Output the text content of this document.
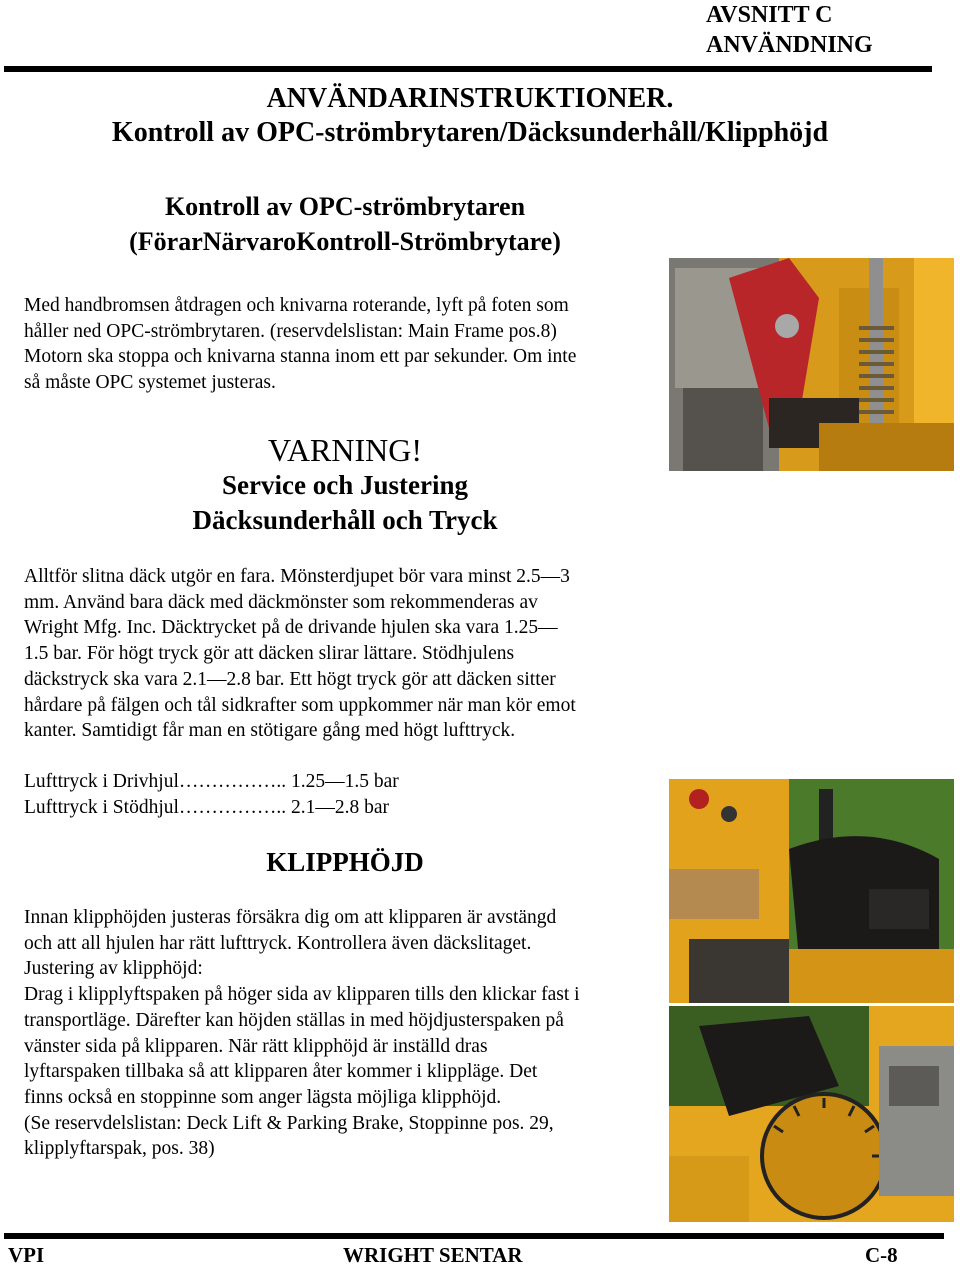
AVSNITT C
ANVÄNDNING
ANVÄNDARINSTRUKTIONER.
Kontroll av OPC-strömbrytaren/Däcksunderhåll/Klipphöjd
Kontroll av OPC-strömbrytaren
(FörarNärvaroKontroll-Strömbrytare)
Med handbromsen åtdragen och knivarna roterande, lyft på foten som
håller ned OPC-strömbrytaren. (reservdelslistan: Main Frame pos.8)
Motorn ska stoppa och knivarna stanna inom ett par sekunder. Om inte
så måste OPC systemet justeras.
VARNING!
Service och Justering
Däcksunderhåll och Tryck
Alltför slitna däck utgör en fara. Mönsterdjupet bör vara minst 2.5—3
mm. Använd bara däck med däckmönster som rekommenderas av
Wright Mfg. Inc. Däcktrycket på de drivande hjulen ska vara 1.25—
1.5 bar. För högt tryck gör att däcken slirar lättare. Stödhjulens
däckstryck ska vara 2.1—2.8 bar. Ett högt tryck gör att däcken sitter
hårdare på fälgen och tål sidkrafter som uppkommer när man kör emot
kanter. Samtidigt får man en stötigare gång med högt lufttryck.
Lufttryck i Drivhjul……………..
1.25—1.5 bar
Lufttryck i Stödhjul……………..
2.1—2.8 bar
KLIPPHÖJD
Innan klipphöjden justeras försäkra dig om att klipparen är avstängd
och att all hjulen har rätt lufttryck. Kontrollera även däckslitaget.
Justering av klipphöjd:
Drag i klipplyftspaken på höger sida av klipparen tills den klickar fast i
transportläge. Därefter kan höjden ställas in med höjdjusterspaken på
vänster sida på klipparen. När rätt klipphöjd är inställd dras
lyftarspaken tillbaka så att klipparen åter kommer i klippläge. Det
finns också en stoppinne som anger lägsta möjliga klipphöjd.
(Se reservdelslistan: Deck Lift & Parking Brake, Stoppinne pos. 29,
klipplyftarspak, pos. 38)
VPI	WRIGHT SENTAR	C-8
